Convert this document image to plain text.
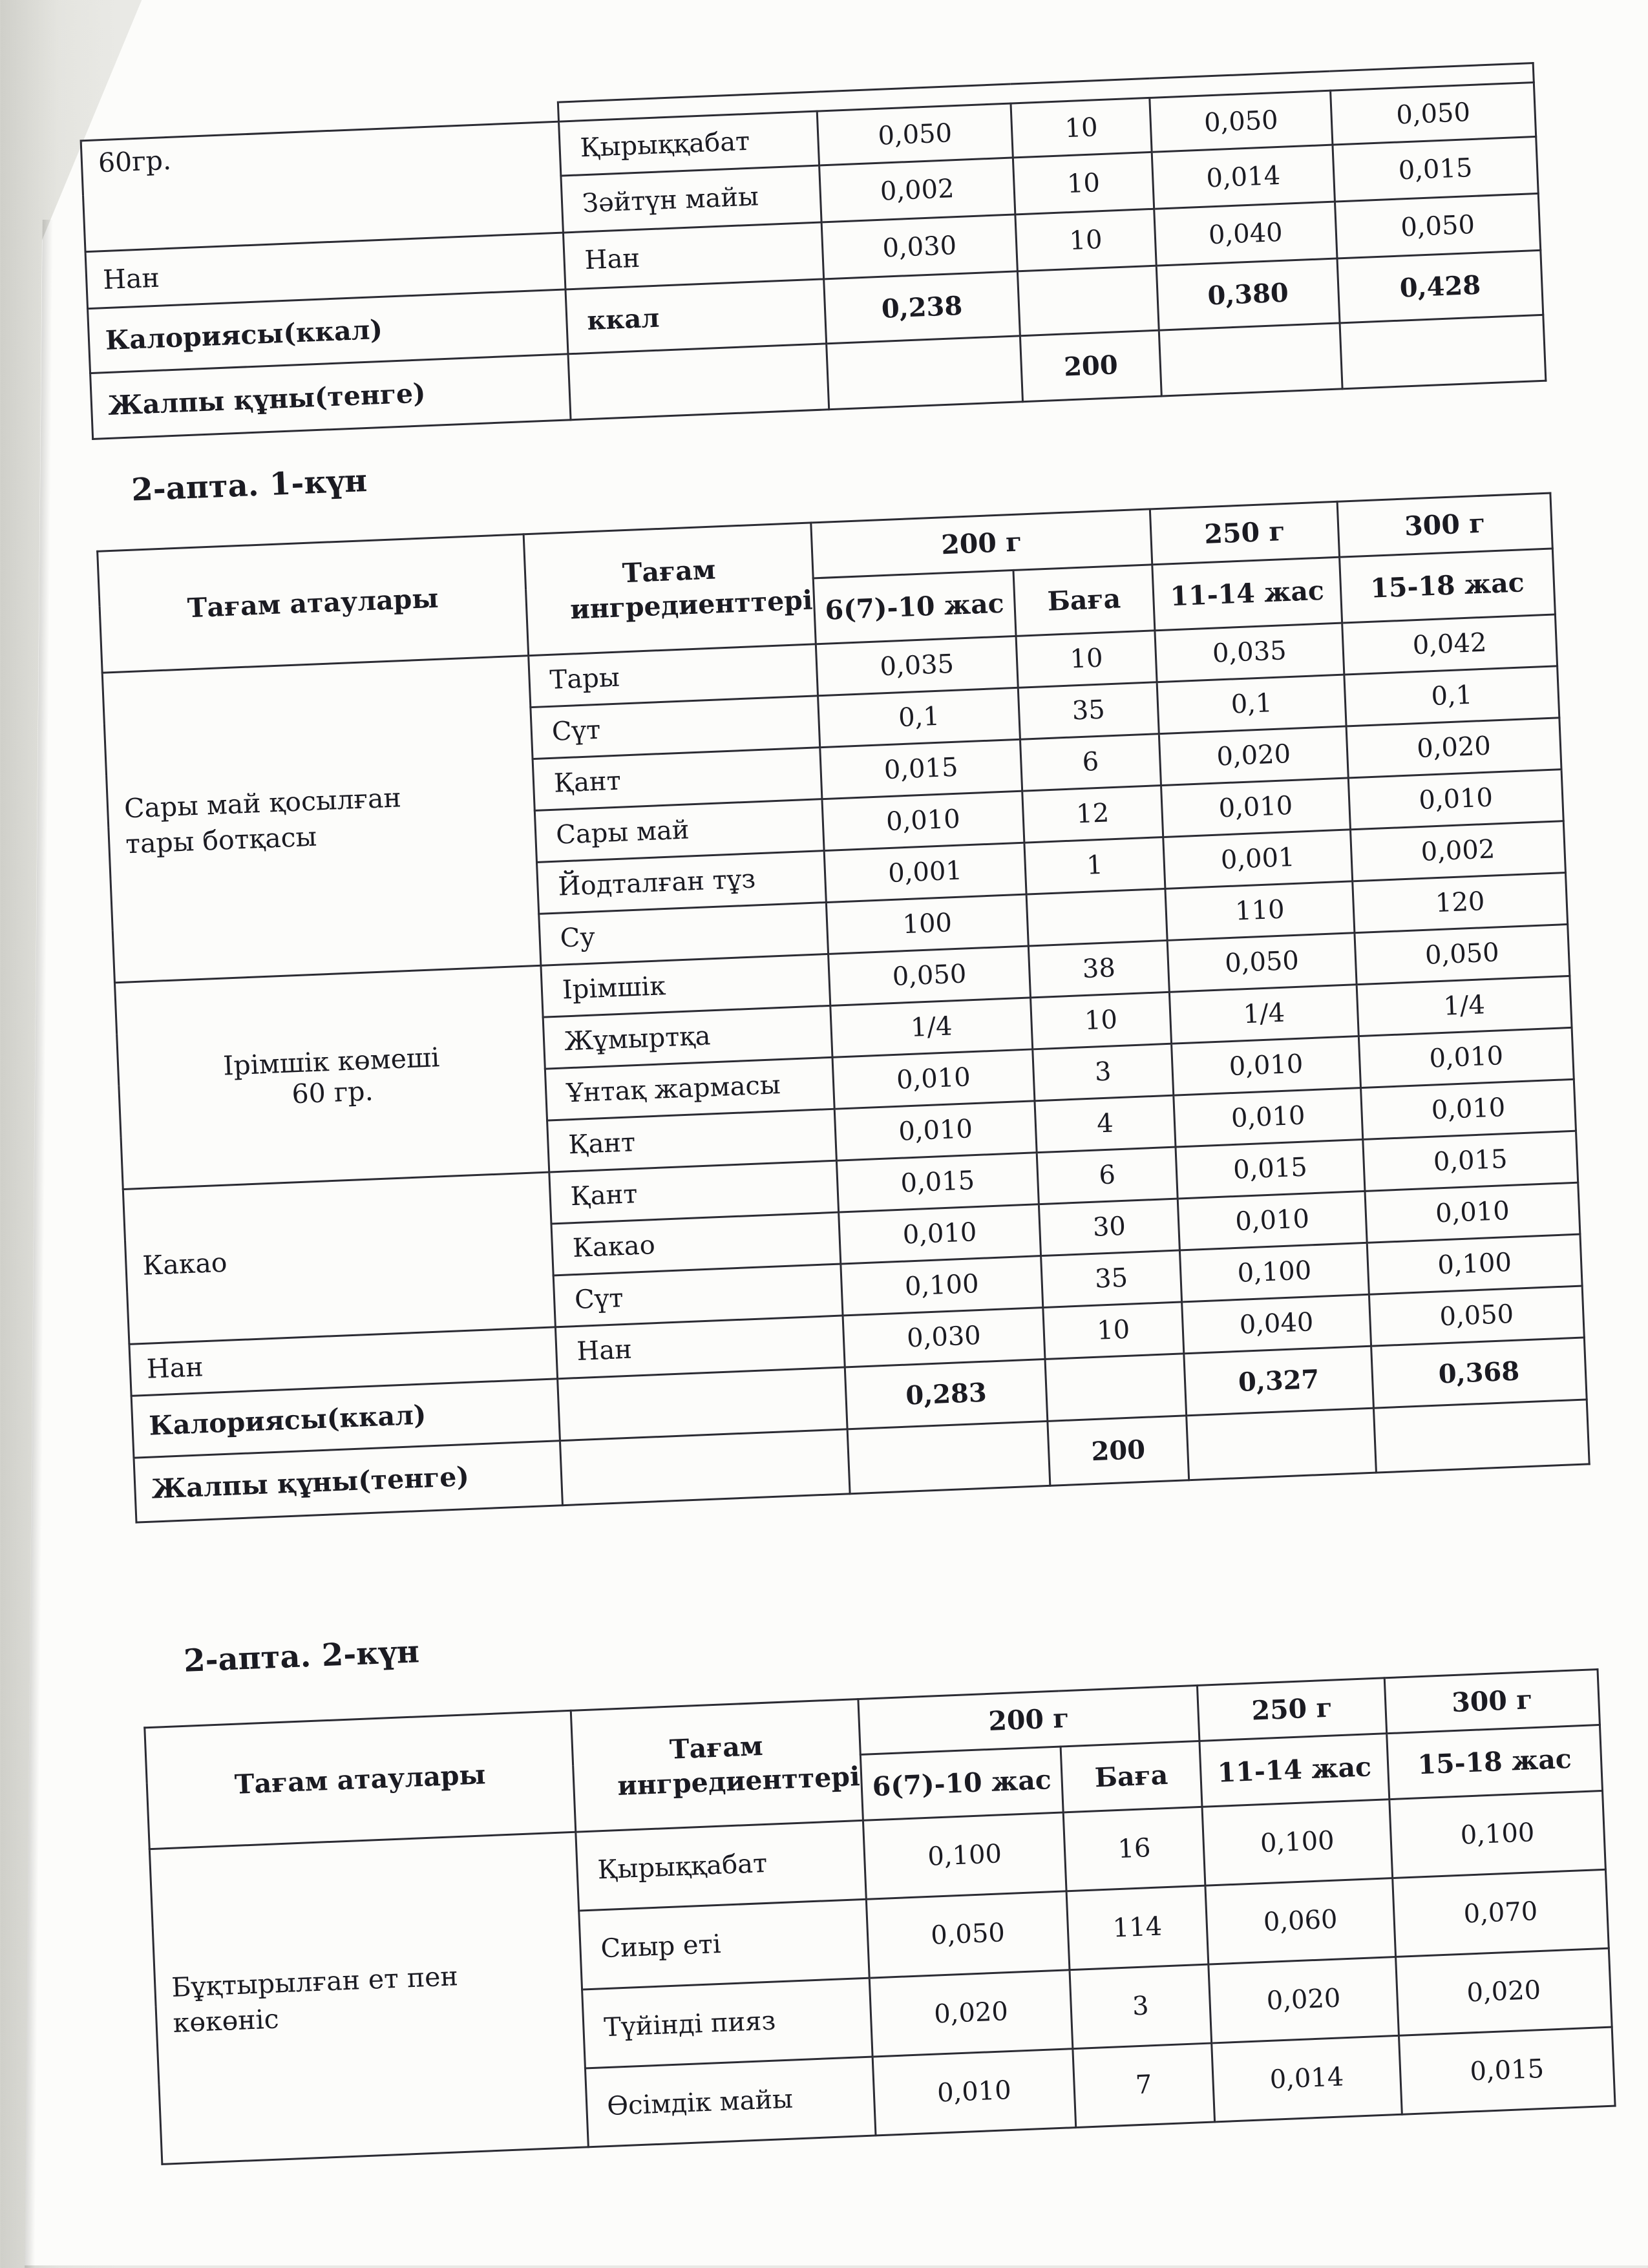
60гр.	Қырыққабат	0,050	10	0,050	0,050
	Зәйтүн майы	0,002	10	0,014	0,015
Нан	Нан	0,030	10	0,040	0,050
Калориясы(ккал)	ккал	0,238		0,380	0,428
Жалпы құны(тенге)			200		
2-апта. 1-күн
Тағам атаулары	Тағам ингредиенттері	200 г		250 г	300 г
		6(7)-10 жас	Баға	11-14 жас	15-18 жас
Сары май қосылған тары ботқасы	Тары	0,035	10	0,035	0,042
	Сүт	0,1	35	0,1	0,1
	Қант	0,015	6	0,020	0,020
	Сары май	0,010	12	0,010	0,010
	Йодталған тұз	0,001	1	0,001	0,002
	Су	100		110	120

Ірімшік көмеші
60 гр.	Ірімшік	0,050	38	0,050	0,050
	Жұмыртқа	1/4	10	1/4	1/4
	Ұнтақ жармасы	0,010	3	0,010	0,010
	Қант	0,010	4	0,010	0,010
Какао	Қант	0,015	6	0,015	0,015
	Какао	0,010	30	0,010	0,010
	Сүт	0,100	35	0,100	0,100
Нан	Нан	0,030	10	0,040	0,050
Калориясы(ккал)		0,283		0,327	0,368
Жалпы құны(тенге)			200		
2-апта. 2-күн
Тағам атаулары	Тағам ингредиенттері	200 г		250 г	300 г
		6(7)-10 жас	Баға	11-14 жас	15-18 жас
Бұқтырылған ет пен көкөніс	Қырыққабат	0,100	16	0,100	0,100
	Сиыр еті	0,050	114	0,060	0,070
	Түйінді пияз	0,020	3	0,020	0,020
	Өсімдік майы	0,010	7	0,014	0,015
